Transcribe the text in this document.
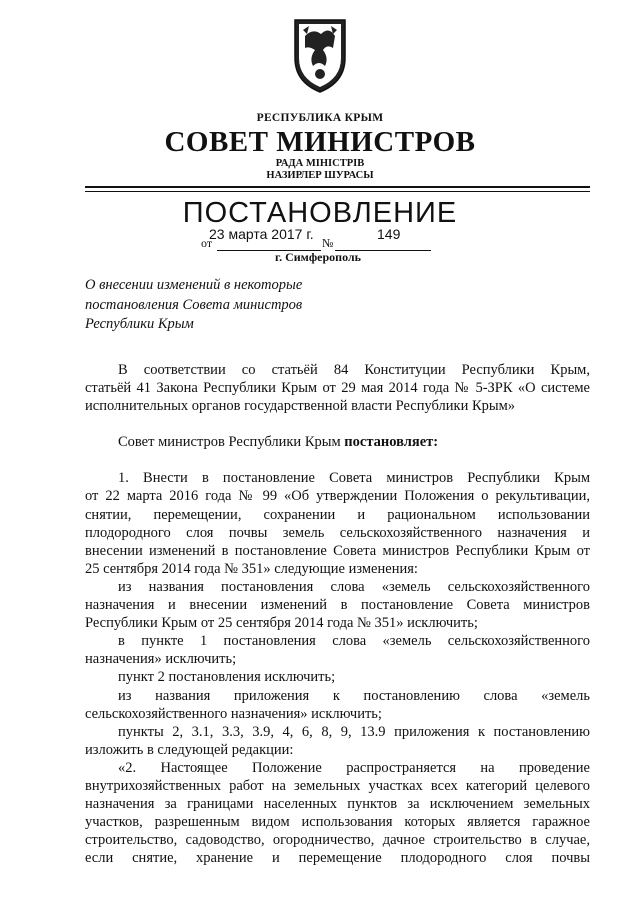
РЕСПУБЛИКА КРЫМ
СОВЕТ МИНИСТРОВ
РАДА МІНІСТРІВ
НАЗИРЛЕР ШУРАСЫ
ПОСТАНОВЛЕНИЕ
23 марта 2017 г.	149
от	№
г. Симферополь
О внесении изменений в некоторые
постановления Совета министров
Республики Крым

В соответствии со статьёй 84 Конституции Республики Крым,

статьёй 41 Закона Республики Крым от 29 мая 2014 года № 5-ЗРК «О системе

исполнительных органов государственной власти Республики Крым»

Совет министров Республики Крым постановляет:

1. Внести в постановление Совета министров Республики Крым

от 22 марта 2016 года № 99 «Об утверждении Положения о рекультивации,

снятии, перемещении, сохранении и рациональном использовании

плодородного слоя почвы земель сельскохозяйственного назначения и

внесении изменений в постановление Совета министров Республики Крым от

25 сентября 2014 года № 351» следующие изменения:

из названия постановления слова «земель сельскохозяйственного

назначения и внесении изменений в постановление Совета министров

Республики Крым от 25 сентября 2014 года № 351» исключить;

в пункте 1 постановления слова «земель сельскохозяйственного

назначения» исключить;

пункт 2 постановления исключить;

из названия приложения к постановлению слова «земель

сельскохозяйственного назначения» исключить;

пункты 2, 3.1, 3.3, 3.9, 4, 6, 8, 9, 13.9 приложения к постановлению

изложить в следующей редакции:

«2. Настоящее Положение распространяется на проведение

внутрихозяйственных работ на земельных участках всех категорий целевого

назначения за границами населенных пунктов за исключением земельных

участков, разрешенным видом использования которых является гаражное

строительство, садоводство, огородничество, дачное строительство в случае,

если снятие, хранение и перемещение плодородного слоя почвы
